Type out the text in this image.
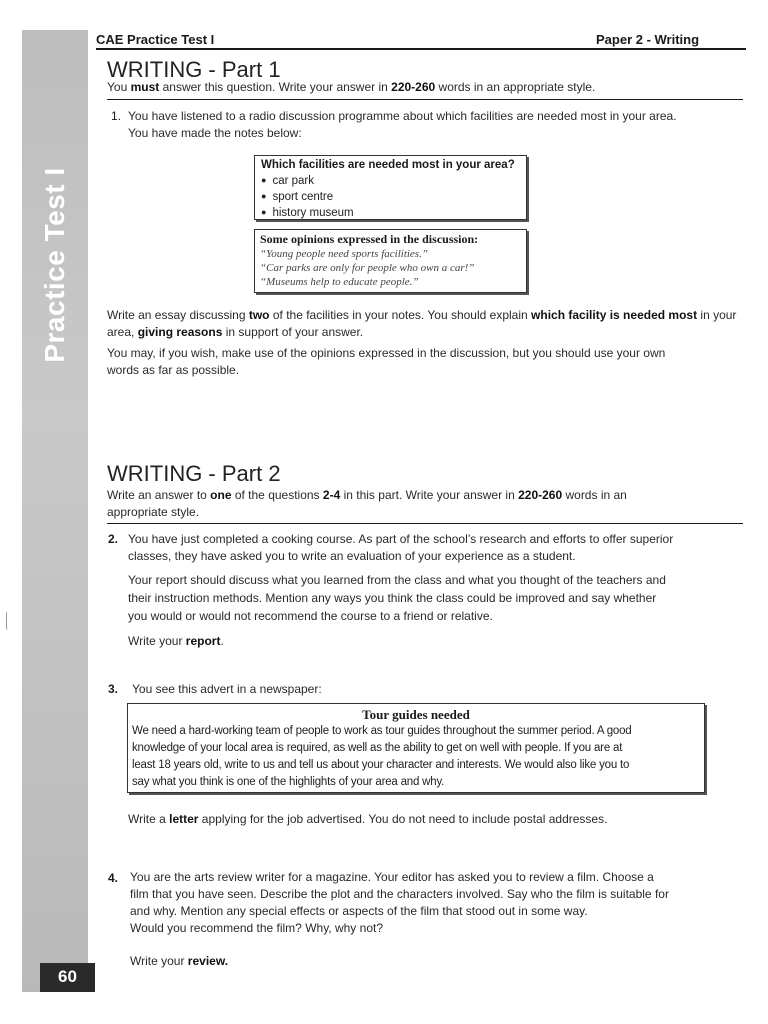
Practice Test I
60
CAE Practice Test I	Paper 2 - Writing
WRITING - Part 1

You must answer this question. Write your answer in 220-260 words in an appropriate style.

1. You have listened to a radio discussion programme about which facilities are needed most in your area.
You have made the notes below:

Which facilities are needed most in your area?
● car park
● sport centre
● history museum
Some opinions expressed in the discussion:
“Young people need sports facilities.”
“Car parks are only for people who own a car!”
“Museums help to educate people.”

Write an essay discussing two of the facilities in your notes. You should explain which facility is needed most in your area, giving reasons in support of your answer.

You may, if you wish, make use of the opinions expressed in the discussion, but you should use your own
words as far as possible.

WRITING - Part 2

Write an answer to one of the questions 2-4 in this part. Write your answer in 220-260 words in an
appropriate style.

2. You have just completed a cooking course. As part of the school’s research and efforts to offer superior
classes, they have asked you to write an evaluation of your experience as a student.

Your report should discuss what you learned from the class and what you thought of the teachers and
their instruction methods. Mention any ways you think the class could be improved and say whether
you would or would not recommend the course to a friend or relative.

Write your report.

3. You see this advert in a newspaper:

Tour guides needed
We need a hard-working team of people to work as tour guides throughout the summer period. A good
knowledge of your local area is required, as well as the ability to get on well with people. If you are at
least 18 years old, write to us and tell us about your character and interests. We would also like you to
say what you think is one of the highlights of your area and why.

Write a letter applying for the job advertised. You do not need to include postal addresses.

4. You are the arts review writer for a magazine. Your editor has asked you to review a film. Choose a
film that you have seen. Describe the plot and the characters involved. Say who the film is suitable for
and why. Mention any special effects or aspects of the film that stood out in some way.
Would you recommend the film? Why, why not?

Write your review.
